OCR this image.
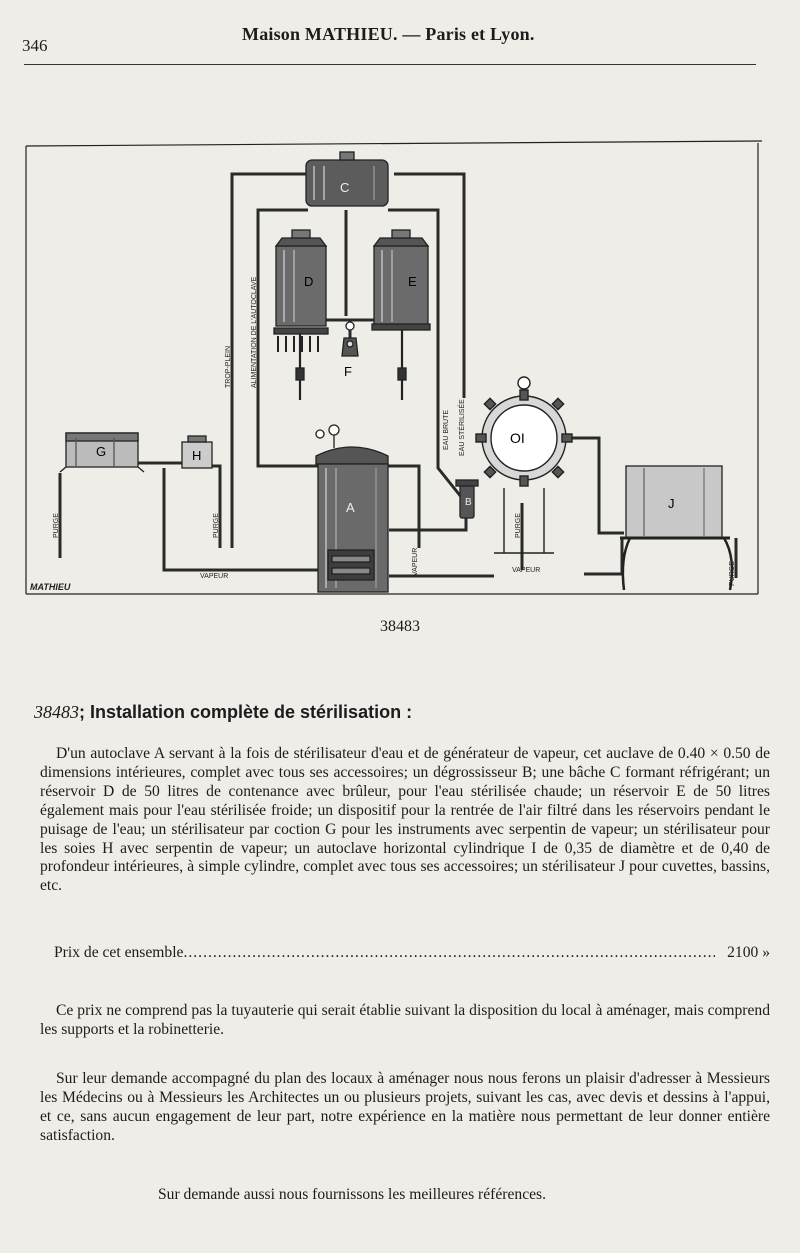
346
Maison MATHIEU. — Paris et Lyon.
C
D	E
F
A	B
G	H
OI
J
TROP-PLEIN	ALIMENTATION DE L'AUTOCLAVE
EAU BRUTE EAU STÉRILISÉE
PURGE	PURGE	PURGE
PURGE
VAPEUR
VAPEUR	VAPEUR
MATHIEU
38483
38483; Installation complète de stérilisation :
D'un autoclave A servant à la fois de stérilisateur d'eau et de générateur de vapeur, cet auclave de 0.40 × 0.50 de dimensions intérieures, complet avec tous ses accessoires; un dégrossisseur B; une bâche C formant réfrigérant; un réservoir D de 50 litres de contenance avec brûleur, pour l'eau stérilisée chaude; un réservoir E de 50 litres également mais pour l'eau stérilisée froide; un dispositif pour la rentrée de l'air filtré dans les réservoirs pendant le puisage de l'eau; un stérilisateur par coction G pour les instruments avec serpentin de vapeur; un stérilisateur pour les soies H avec serpentin de vapeur; un autoclave horizontal cylindrique I de 0,35 de diamètre et de 0,40 de profondeur intérieures, à simple cylindre, complet avec tous ses accessoires; un stérilisateur J pour cuvettes, bassins, etc.
Prix de cet ensemble
.....	2100 »
Ce prix ne comprend pas la tuyauterie qui serait établie suivant la disposition du local à aménager, mais comprend les supports et la robinetterie.
Sur leur demande accompagné du plan des locaux à aménager nous nous ferons un plaisir d'adresser à Messieurs les Médecins ou à Messieurs les Architectes un ou plusieurs projets, suivant les cas, avec devis et dessins à l'appui, et ce, sans aucun engagement de leur part, notre expérience en la matière nous permettant de leur donner entière satisfaction.
Sur demande aussi nous fournissons les meilleures références.
